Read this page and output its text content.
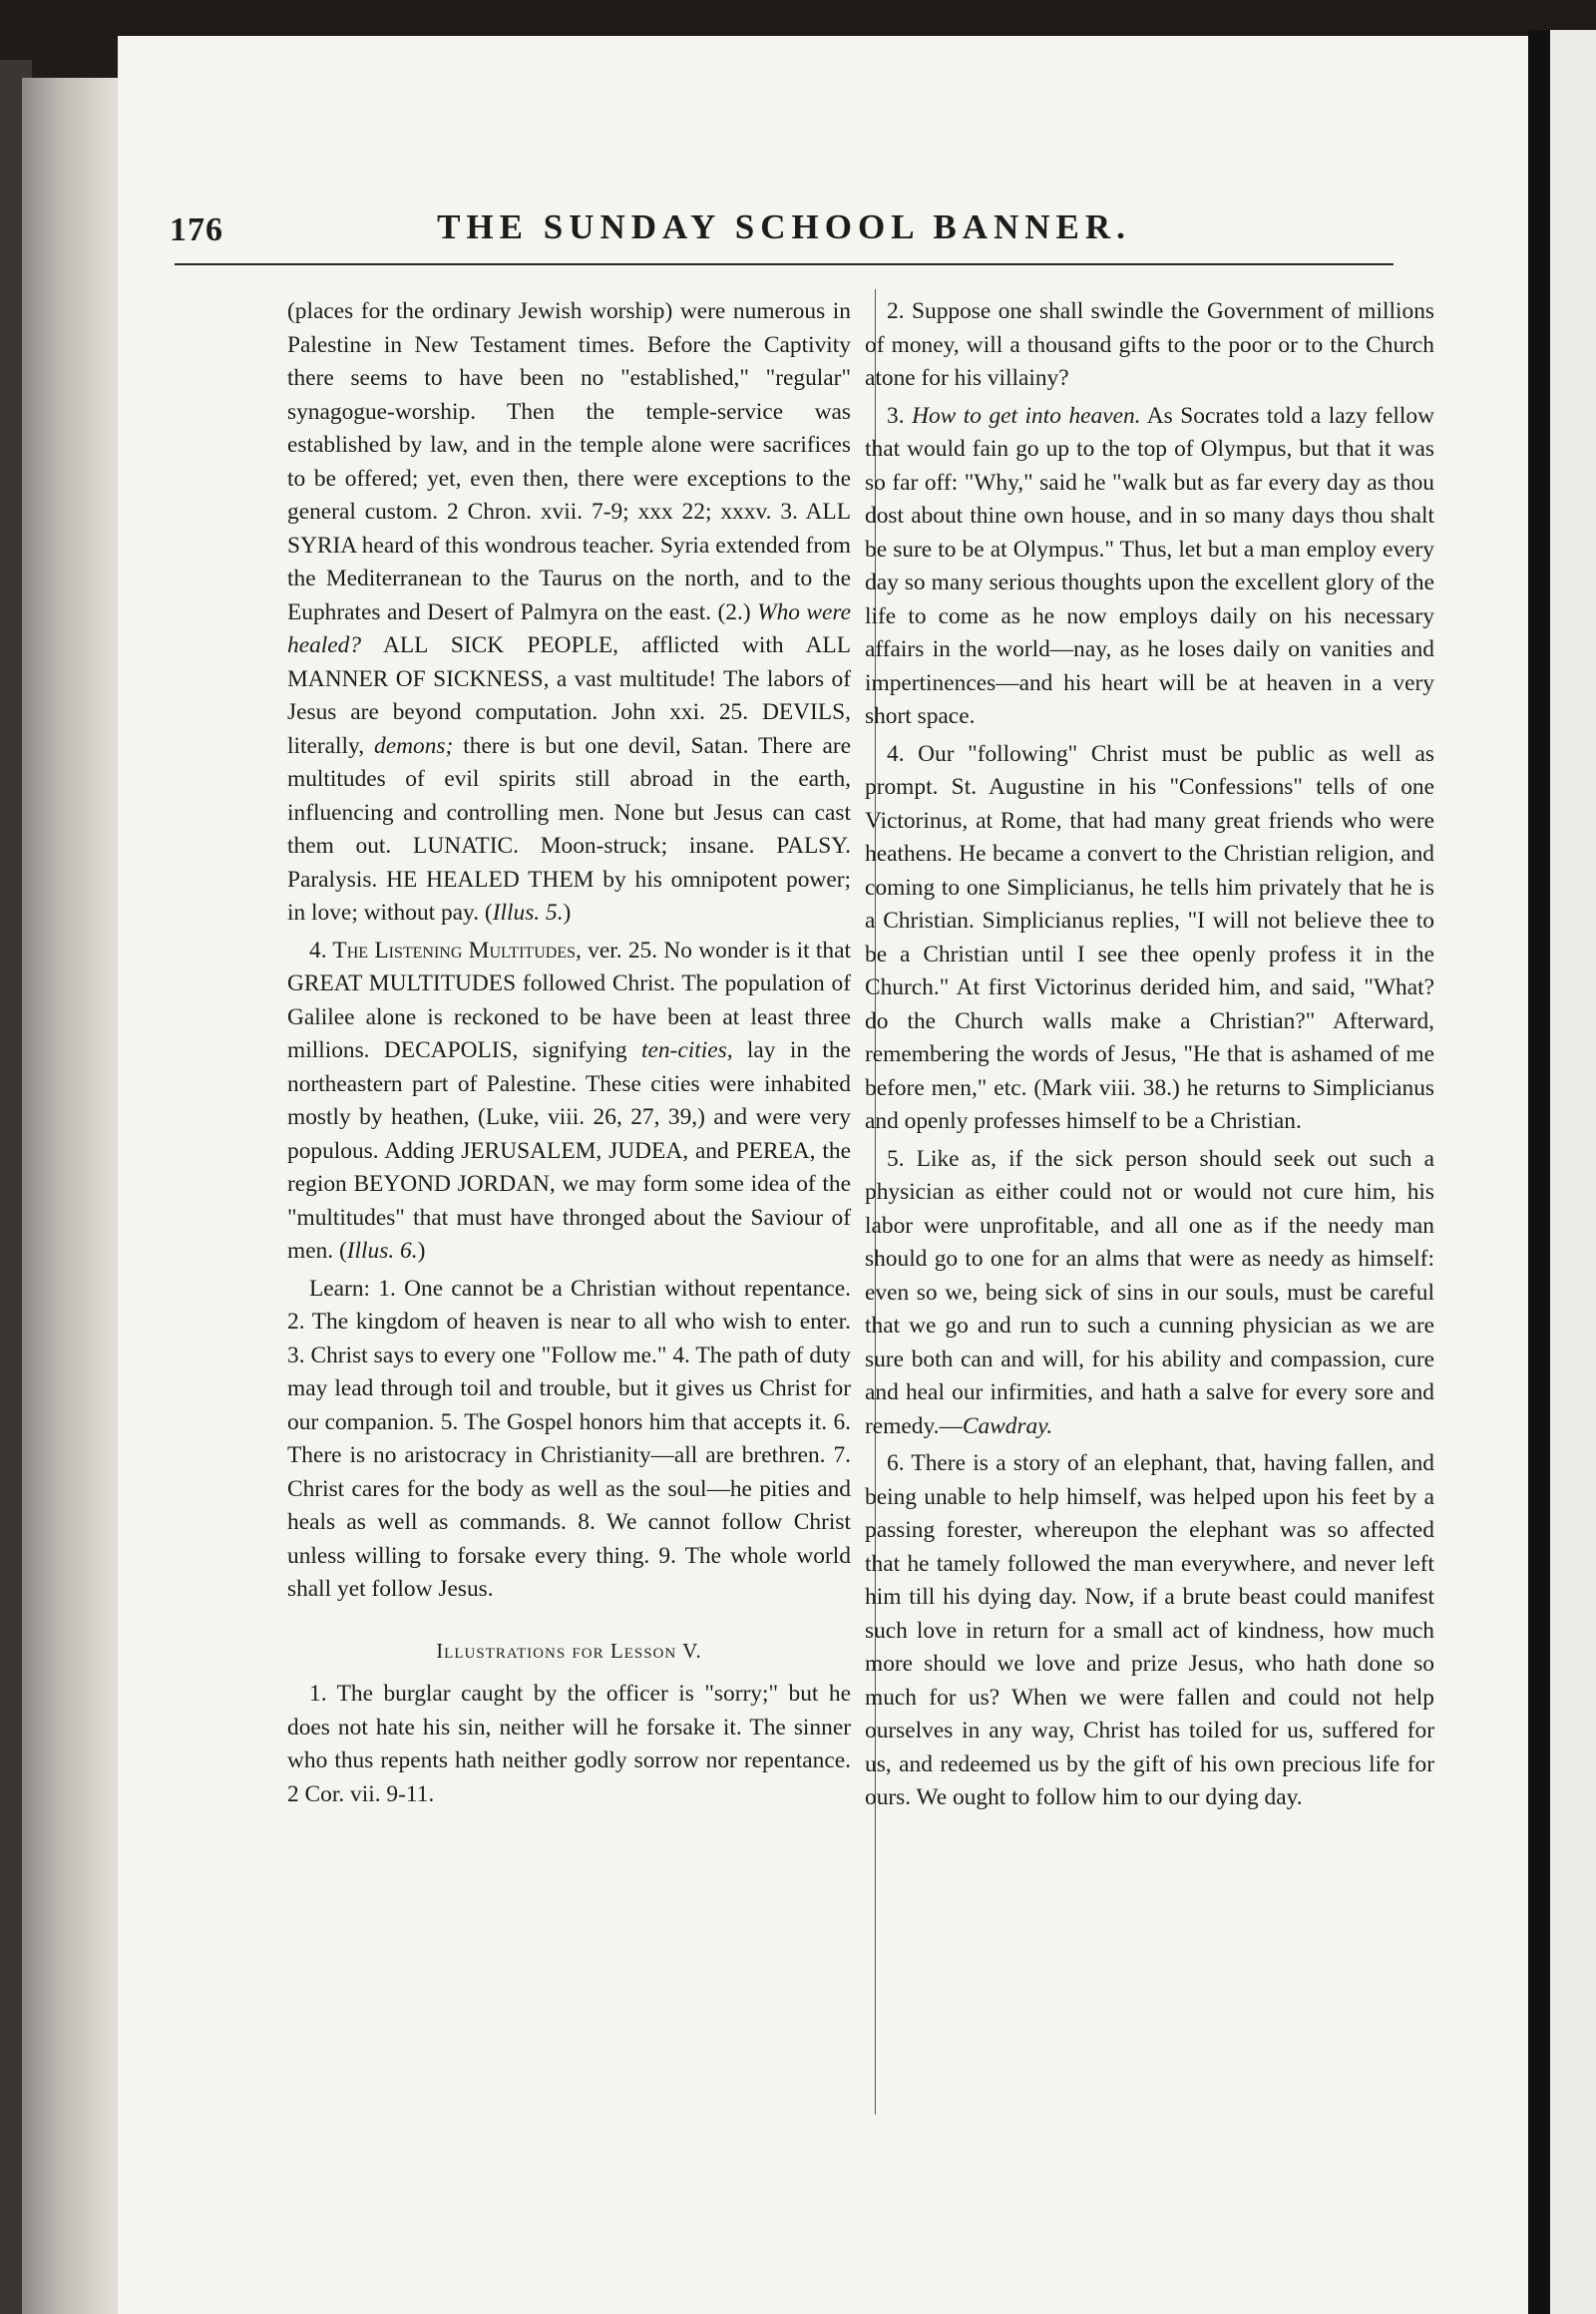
176	THE SUNDAY SCHOOL BANNER.

(places for the ordinary Jewish worship) were numerous in Palestine in New Testament times. Before the Captivity there seems to have been no "established," "regular" synagogue-worship. Then the temple-service was established by law, and in the temple alone were sacrifices to be offered; yet, even then, there were exceptions to the general custom. 2 Chron. xvii. 7-9; xxx 22; xxxv. 3. ALL SYRIA heard of this wondrous teacher. Syria extended from the Mediterranean to the Taurus on the north, and to the Euphrates and Desert of Palmyra on the east. (2.) Who were healed? ALL SICK PEOPLE, afflicted with ALL MANNER OF SICKNESS, a vast multitude! The labors of Jesus are beyond computation. John xxi. 25. DEVILS, literally, demons; there is but one devil, Satan. There are multitudes of evil spirits still abroad in the earth, influencing and controlling men. None but Jesus can cast them out. LUNATIC. Moon-struck; insane. PALSY. Paralysis. HE HEALED THEM by his omnipotent power; in love; without pay. (Illus. 5.)

4. The Listening Multitudes, ver. 25. No wonder is it that GREAT MULTITUDES followed Christ. The population of Galilee alone is reckoned to be have been at least three millions. DECAPOLIS, signifying ten-cities, lay in the northeastern part of Palestine. These cities were inhabited mostly by heathen, (Luke, viii. 26, 27, 39,) and were very populous. Adding JERUSALEM, JUDEA, and PEREA, the region BEYOND JORDAN, we may form some idea of the "multitudes" that must have thronged about the Saviour of men. (Illus. 6.)

Learn: 1. One cannot be a Christian without repentance. 2. The kingdom of heaven is near to all who wish to enter. 3. Christ says to every one "Follow me." 4. The path of duty may lead through toil and trouble, but it gives us Christ for our companion. 5. The Gospel honors him that accepts it. 6. There is no aristocracy in Christianity—all are brethren. 7. Christ cares for the body as well as the soul—he pities and heals as well as commands. 8. We cannot follow Christ unless willing to forsake every thing. 9. The whole world shall yet follow Jesus.

Illustrations for Lesson V.

1. The burglar caught by the officer is "sorry;" but he does not hate his sin, neither will he forsake it. The sinner who thus repents hath neither godly sorrow nor repentance. 2 Cor. vii. 9-11.

2. Suppose one shall swindle the Government of millions of money, will a thousand gifts to the poor or to the Church atone for his villainy?

3. How to get into heaven. As Socrates told a lazy fellow that would fain go up to the top of Olympus, but that it was so far off: "Why," said he "walk but as far every day as thou dost about thine own house, and in so many days thou shalt be sure to be at Olympus." Thus, let but a man employ every day so many serious thoughts upon the excellent glory of the life to come as he now employs daily on his necessary affairs in the world—nay, as he loses daily on vanities and impertinences—and his heart will be at heaven in a very short space.

4. Our "following" Christ must be public as well as prompt. St. Augustine in his "Confessions" tells of one Victorinus, at Rome, that had many great friends who were heathens. He became a convert to the Christian religion, and coming to one Simplicianus, he tells him privately that he is a Christian. Simplicianus replies, "I will not believe thee to be a Christian until I see thee openly profess it in the Church." At first Victorinus derided him, and said, "What? do the Church walls make a Christian?" Afterward, remembering the words of Jesus, "He that is ashamed of me before men," etc. (Mark viii. 38.) he returns to Simplicianus and openly professes himself to be a Christian.

5. Like as, if the sick person should seek out such a physician as either could not or would not cure him, his labor were unprofitable, and all one as if the needy man should go to one for an alms that were as needy as himself: even so we, being sick of sins in our souls, must be careful that we go and run to such a cunning physician as we are sure both can and will, for his ability and compassion, cure and heal our infirmities, and hath a salve for every sore and remedy.—Cawdray.

6. There is a story of an elephant, that, having fallen, and being unable to help himself, was helped upon his feet by a passing forester, whereupon the elephant was so affected that he tamely followed the man everywhere, and never left him till his dying day. Now, if a brute beast could manifest such love in return for a small act of kindness, how much more should we love and prize Jesus, who hath done so much for us? When we were fallen and could not help ourselves in any way, Christ has toiled for us, suffered for us, and redeemed us by the gift of his own precious life for ours. We ought to follow him to our dying day.
